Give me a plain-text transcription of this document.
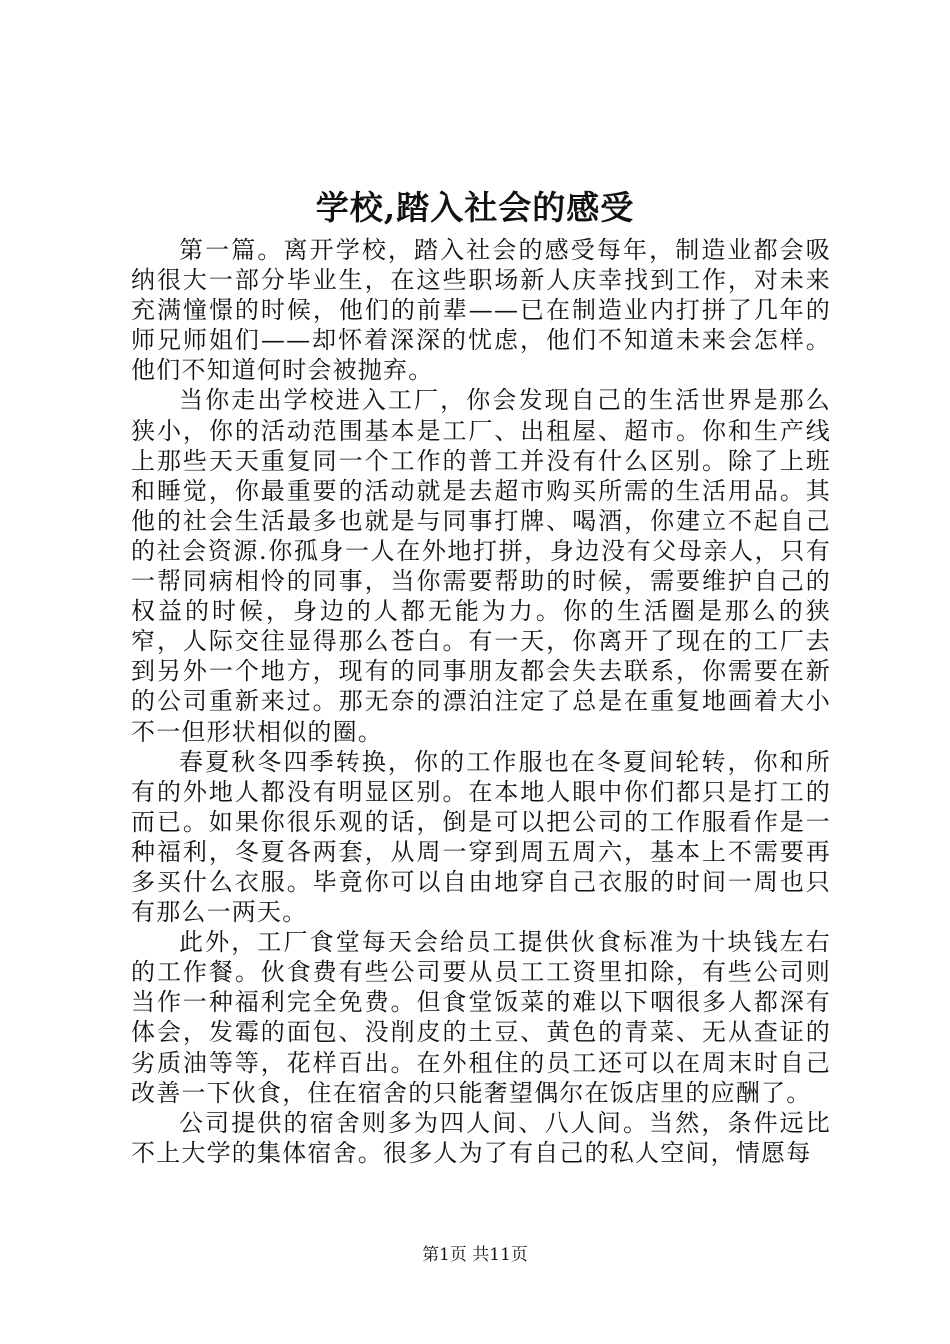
学校,踏入社会的感受

第一篇。离开学校，踏入社会的感受每年，制造业都会吸纳很大一部分毕业生，在这些职场新人庆幸找到工作，对未来充满憧憬的时候，他们的前辈——已在制造业内打拼了几年的师兄师姐们——却怀着深深的忧虑，他们不知道未来会怎样。他们不知道何时会被抛弃。

当你走出学校进入工厂，你会发现自己的生活世界是那么狭小，你的活动范围基本是工厂、出租屋、超市。你和生产线上那些天天重复同一个工作的普工并没有什么区别。除了上班和睡觉，你最重要的活动就是去超市购买所需的生活用品。其他的社会生活最多也就是与同事打牌、喝酒，你建立不起自己的社会资源.你孤身一人在外地打拼，身边没有父母亲人，只有一帮同病相怜的同事，当你需要帮助的时候，需要维护自己的权益的时候，身边的人都无能为力。你的生活圈是那么的狭窄，人际交往显得那么苍白。有一天，你离开了现在的工厂去到另外一个地方，现有的同事朋友都会失去联系，你需要在新的公司重新来过。那无奈的漂泊注定了总是在重复地画着大小不一但形状相似的圈。

春夏秋冬四季转换，你的工作服也在冬夏间轮转，你和所有的外地人都没有明显区别。在本地人眼中你们都只是打工的而已。如果你很乐观的话，倒是可以把公司的工作服看作是一种福利，冬夏各两套，从周一穿到周五周六，基本上不需要再多买什么衣服。毕竟你可以自由地穿自己衣服的时间一周也只有那么一两天。

此外，工厂食堂每天会给员工提供伙食标准为十块钱左右的工作餐。伙食费有些公司要从员工工资里扣除，有些公司则当作一种福利完全免费。但食堂饭菜的难以下咽很多人都深有体会，发霉的面包、没削皮的土豆、黄色的青菜、无从查证的劣质油等等，花样百出。在外租住的员工还可以在周末时自己改善一下伙食，住在宿舍的只能奢望偶尔在饭店里的应酬了。

公司提供的宿舍则多为四人间、八人间。当然，条件远比不上大学的集体宿舍。很多人为了有自己的私人空间，情愿每

第1页 共11页
